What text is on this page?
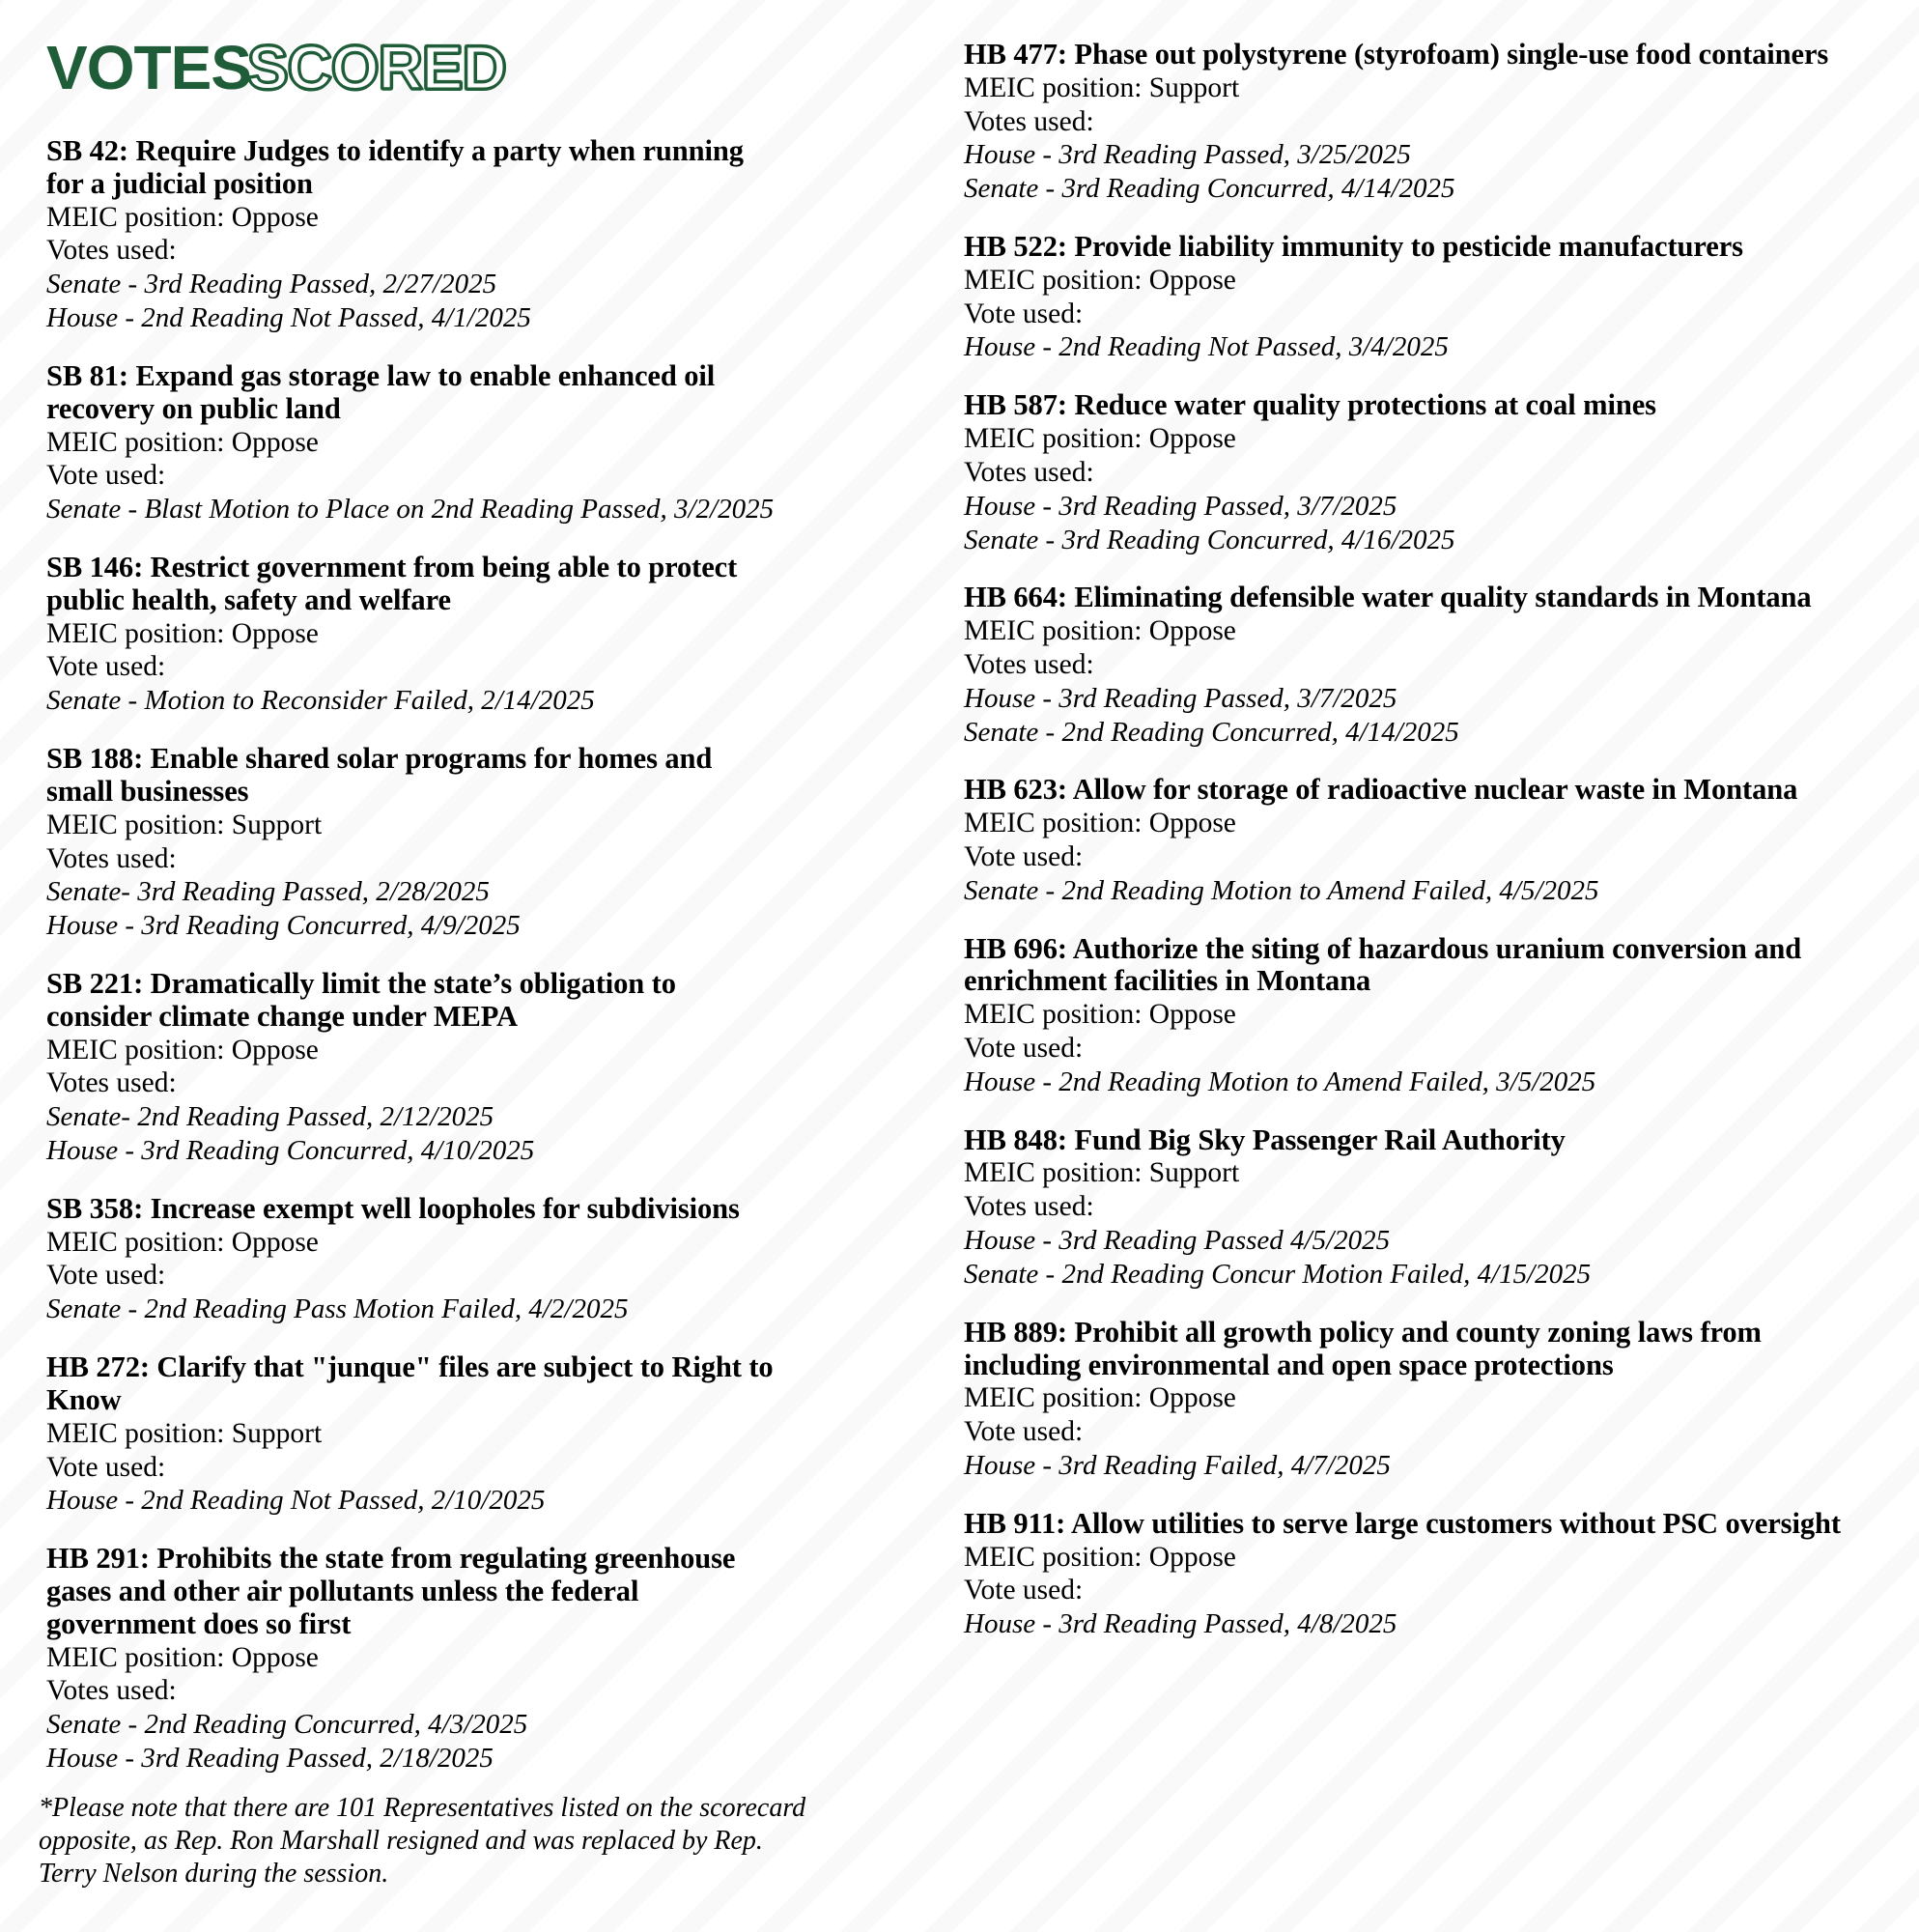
VOTES
SCORED
SB 42: Require Judges to identify a party when running for a judicial position
MEIC position: Oppose
Votes used:
Senate - 3rd Reading Passed, 2/27/2025
House - 2nd Reading Not Passed, 4/1/2025
SB 81: Expand gas storage law to enable enhanced oil recovery on public land
MEIC position: Oppose
Vote used:
Senate - Blast Motion to Place on 2nd Reading Passed, 3/2/2025
SB 146: Restrict government from being able to protect public health, safety and welfare
MEIC position: Oppose
Vote used:
Senate - Motion to Reconsider Failed, 2/14/2025
SB 188: Enable shared solar programs for homes and small businesses
MEIC position: Support
Votes used:
Senate- 3rd Reading Passed, 2/28/2025
House - 3rd Reading Concurred, 4/9/2025
SB 221: Dramatically limit the state’s obligation to consider climate change under MEPA
MEIC position: Oppose
Votes used:
Senate- 2nd Reading Passed, 2/12/2025
House - 3rd Reading Concurred, 4/10/2025
SB 358: Increase exempt well loopholes for subdivisions
MEIC position: Oppose
Vote used:
Senate - 2nd Reading Pass Motion Failed, 4/2/2025
HB 272: Clarify that "junque" files are subject to Right to Know
MEIC position: Support
Vote used:
House - 2nd Reading Not Passed, 2/10/2025
HB 291: Prohibits the state from regulating greenhouse gases and other air pollutants unless the federal government does so first
MEIC position: Oppose
Votes used:
Senate - 2nd Reading Concurred, 4/3/2025
House - 3rd Reading Passed, 2/18/2025
HB 477: Phase out polystyrene (styrofoam) single-use food containers
MEIC position: Support
Votes used:
House - 3rd Reading Passed, 3/25/2025
Senate - 3rd Reading Concurred, 4/14/2025
HB 522: Provide liability immunity to pesticide manufacturers
MEIC position: Oppose
Vote used:
House - 2nd Reading Not Passed, 3/4/2025
HB 587: Reduce water quality protections at coal mines
MEIC position: Oppose
Votes used:
House - 3rd Reading Passed, 3/7/2025
Senate - 3rd Reading Concurred, 4/16/2025
HB 664: Eliminating defensible water quality standards in Montana
MEIC position: Oppose
Votes used:
House - 3rd Reading Passed, 3/7/2025
Senate - 2nd Reading Concurred, 4/14/2025
HB 623: Allow for storage of radioactive nuclear waste in Montana
MEIC position: Oppose
Vote used:
Senate - 2nd Reading Motion to Amend Failed, 4/5/2025
HB 696: Authorize the siting of hazardous uranium conversion and enrichment facilities in Montana
MEIC position: Oppose
Vote used:
House - 2nd Reading Motion to Amend Failed, 3/5/2025
HB 848: Fund Big Sky Passenger Rail Authority
MEIC position: Support
Votes used:
House - 3rd Reading Passed 4/5/2025
Senate - 2nd Reading Concur Motion Failed, 4/15/2025
HB 889: Prohibit all growth policy and county zoning laws from including environmental and open space protections
MEIC position: Oppose
Vote used:
House - 3rd Reading Failed, 4/7/2025
HB 911: Allow utilities to serve large customers without PSC oversight
MEIC position: Oppose
Vote used:
House - 3rd Reading Passed, 4/8/2025

*Please note that there are 101 Representatives listed on the scorecard opposite, as Rep. Ron Marshall resigned and was replaced by Rep. Terry Nelson during the session.
